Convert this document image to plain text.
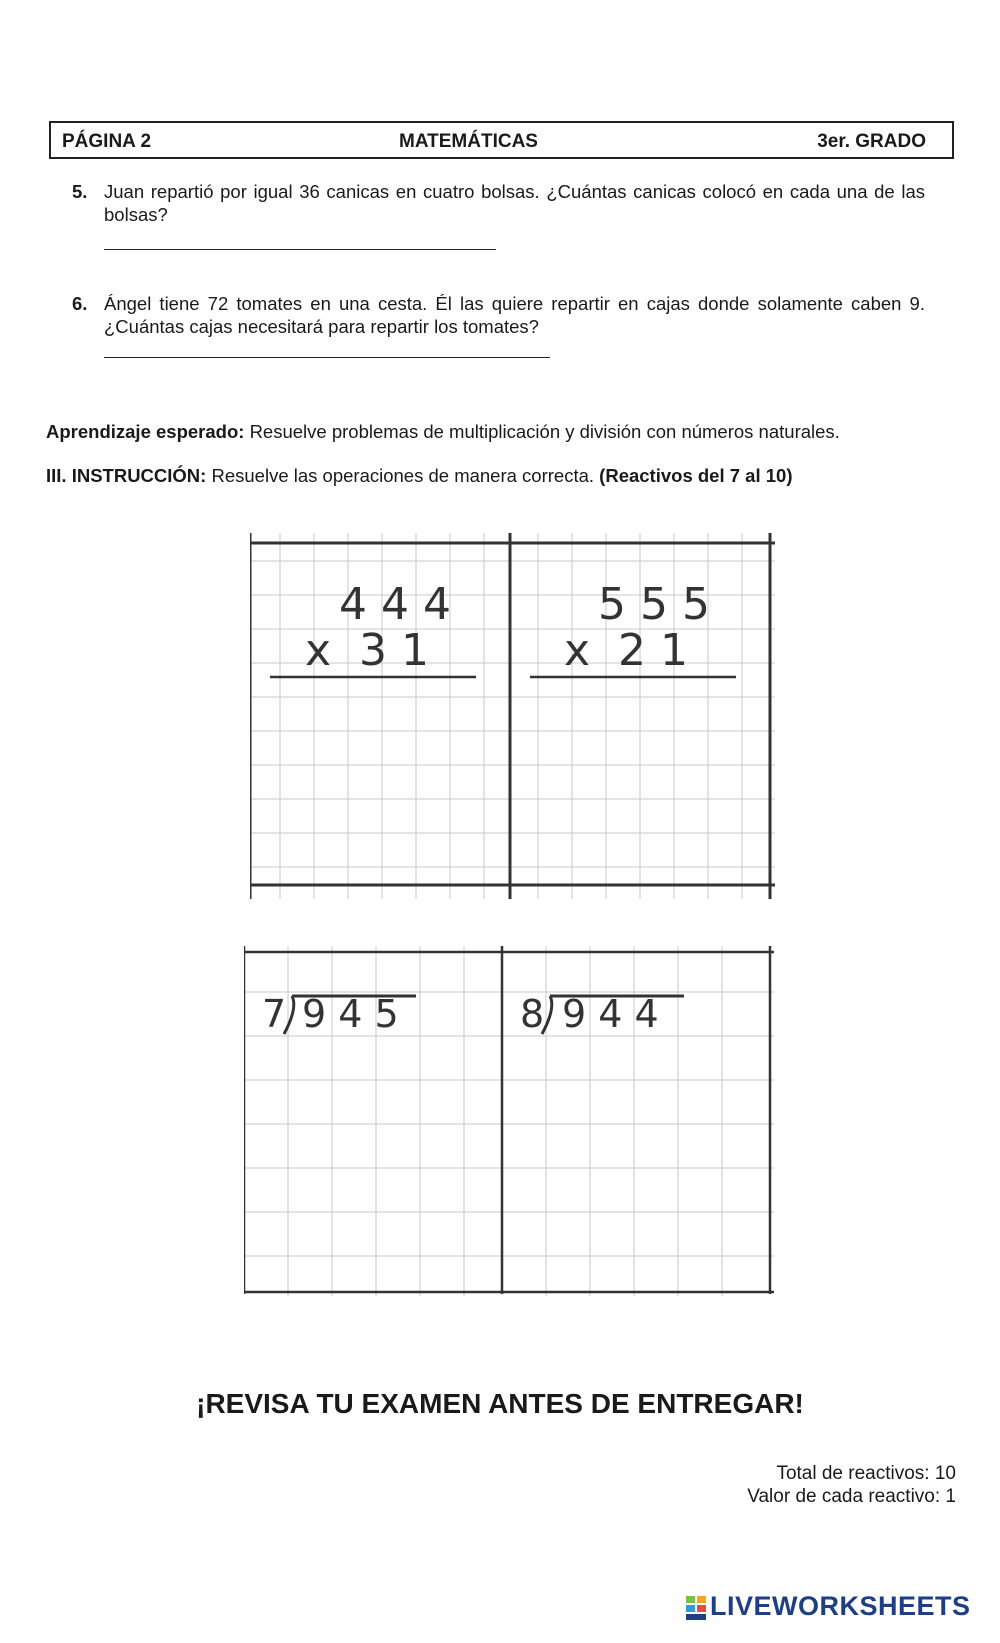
PÁGINA 2	MATEMÁTICAS	3er. GRADO
5. Juan repartió por igual 36 canicas en cuatro bolsas. ¿Cuántas canicas colocó en cada una de las bolsas?
6. Ángel tiene 72 tomates en una cesta. Él las quiere repartir en cajas donde solamente caben 9. ¿Cuántas cajas necesitará para repartir los tomates?
Aprendizaje esperado: Resuelve problemas de multiplicación y división con números naturales.
III. INSTRUCCIÓN: Resuelve las operaciones de manera correcta. (Reactivos del 7 al 10)
4 4 4
x  3 1
5 5 5
x  2 1
7 9 4 5	8 9 4 4
¡REVISA TU EXAMEN ANTES DE ENTREGAR!
Total de reactivos: 10
Valor de cada reactivo: 1
LIVEWORKSHEETS
